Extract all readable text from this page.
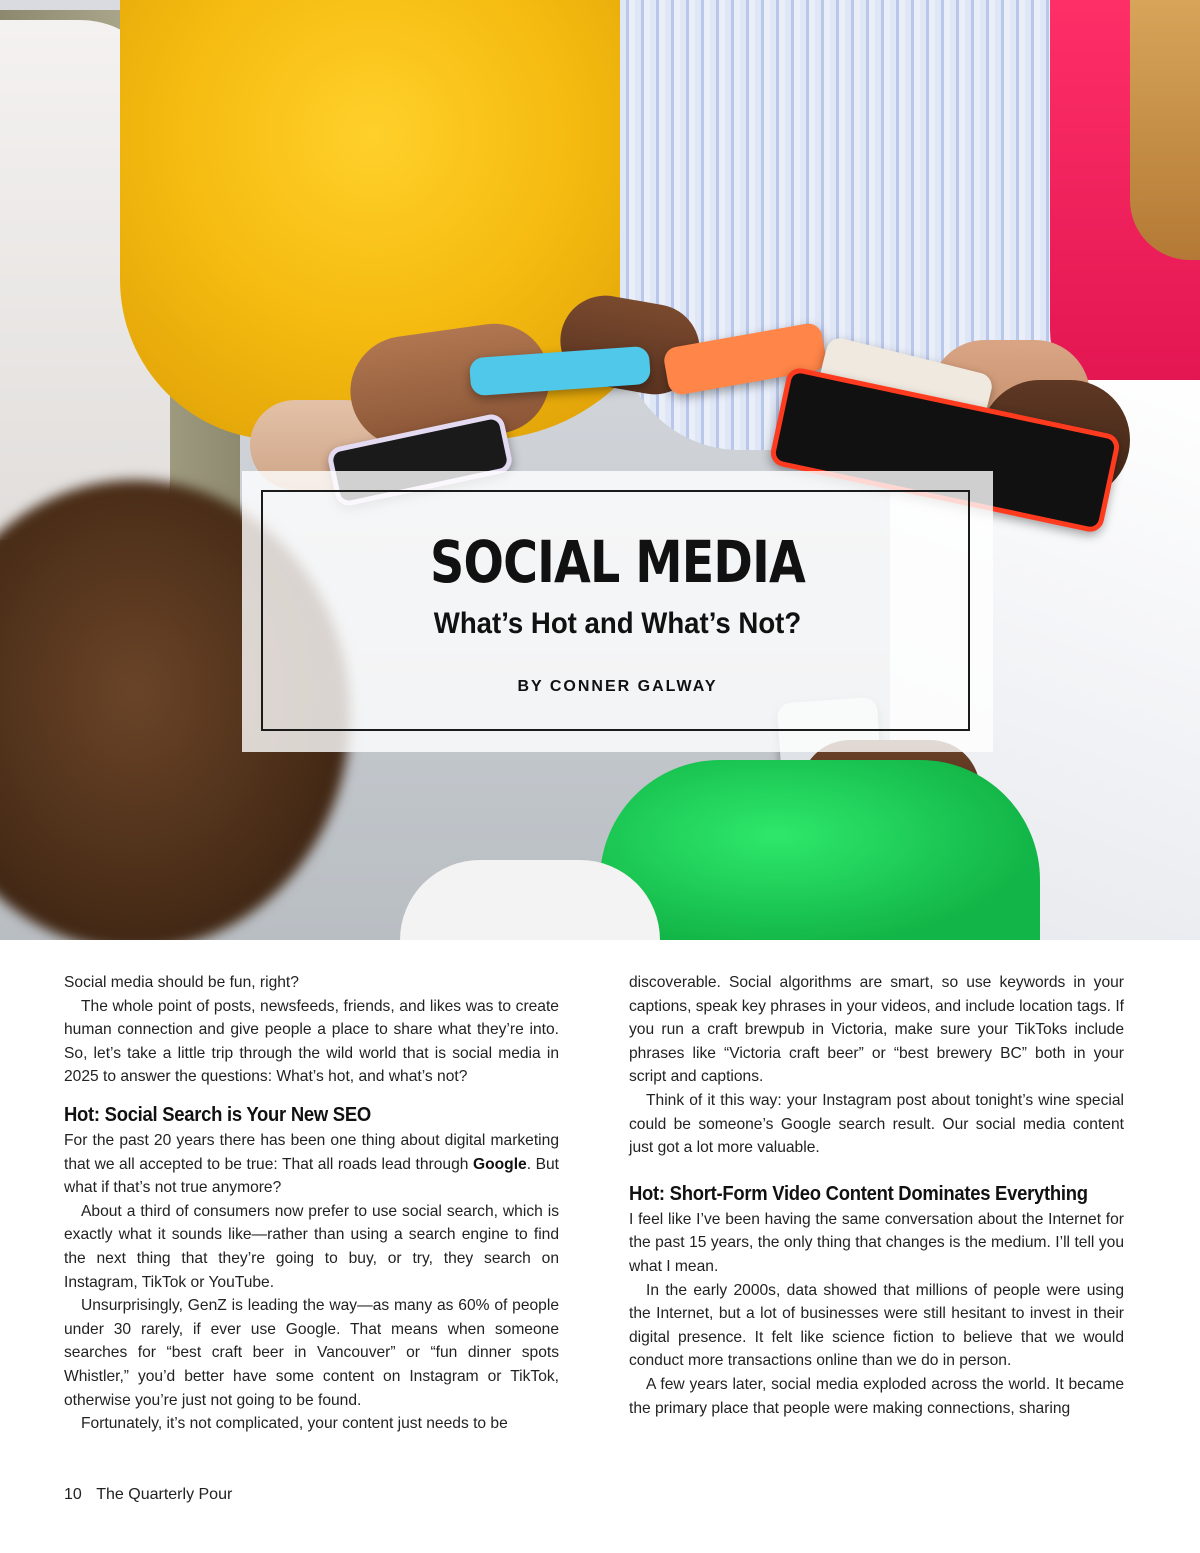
SOCIAL MEDIA
What’s Hot and What’s Not?
BY CONNER GALWAY

Social media should be fun, right?

The whole point of posts, newsfeeds, friends, and likes was to create human connection and give people a place to share what they’re into. So, let’s take a little trip through the wild world that is social media in 2025 to answer the questions: What’s hot, and what’s not?

Hot: Social Search is Your New SEO

For the past 20 years there has been one thing about digital marketing that we all accepted to be true: That all roads lead through Google. But what if that’s not true anymore?

About a third of consumers now prefer to use social search, which is exactly what it sounds like—rather than using a search engine to find the next thing that they’re going to buy, or try, they search on Instagram, TikTok or YouTube.

Unsurprisingly, GenZ is leading the way—as many as 60% of people under 30 rarely, if ever use Google. That means when someone searches for “best craft beer in Vancouver” or “fun dinner spots Whistler,” you’d better have some content on Instagram or TikTok, otherwise you’re just not going to be found.

Fortunately, it’s not complicated, your content just needs to be

discoverable. Social algorithms are smart, so use keywords in your captions, speak key phrases in your videos, and include location tags. If you run a craft brewpub in Victoria, make sure your TikToks include phrases like “Victoria craft beer” or “best brewery BC” both in your script and captions.

Think of it this way: your Instagram post about tonight’s wine special could be someone’s Google search result. Our social media content just got a lot more valuable.

Hot: Short-Form Video Content Dominates Everything

I feel like I’ve been having the same conversation about the Internet for the past 15 years, the only thing that changes is the medium. I’ll tell you what I mean.

In the early 2000s, data showed that millions of people were using the Internet, but a lot of businesses were still hesitant to invest in their digital presence. It felt like science fiction to believe that we would conduct more transactions online than we do in person.

A few years later, social media exploded across the world. It became the primary place that people were making connections, sharing

10 The Quarterly Pour
